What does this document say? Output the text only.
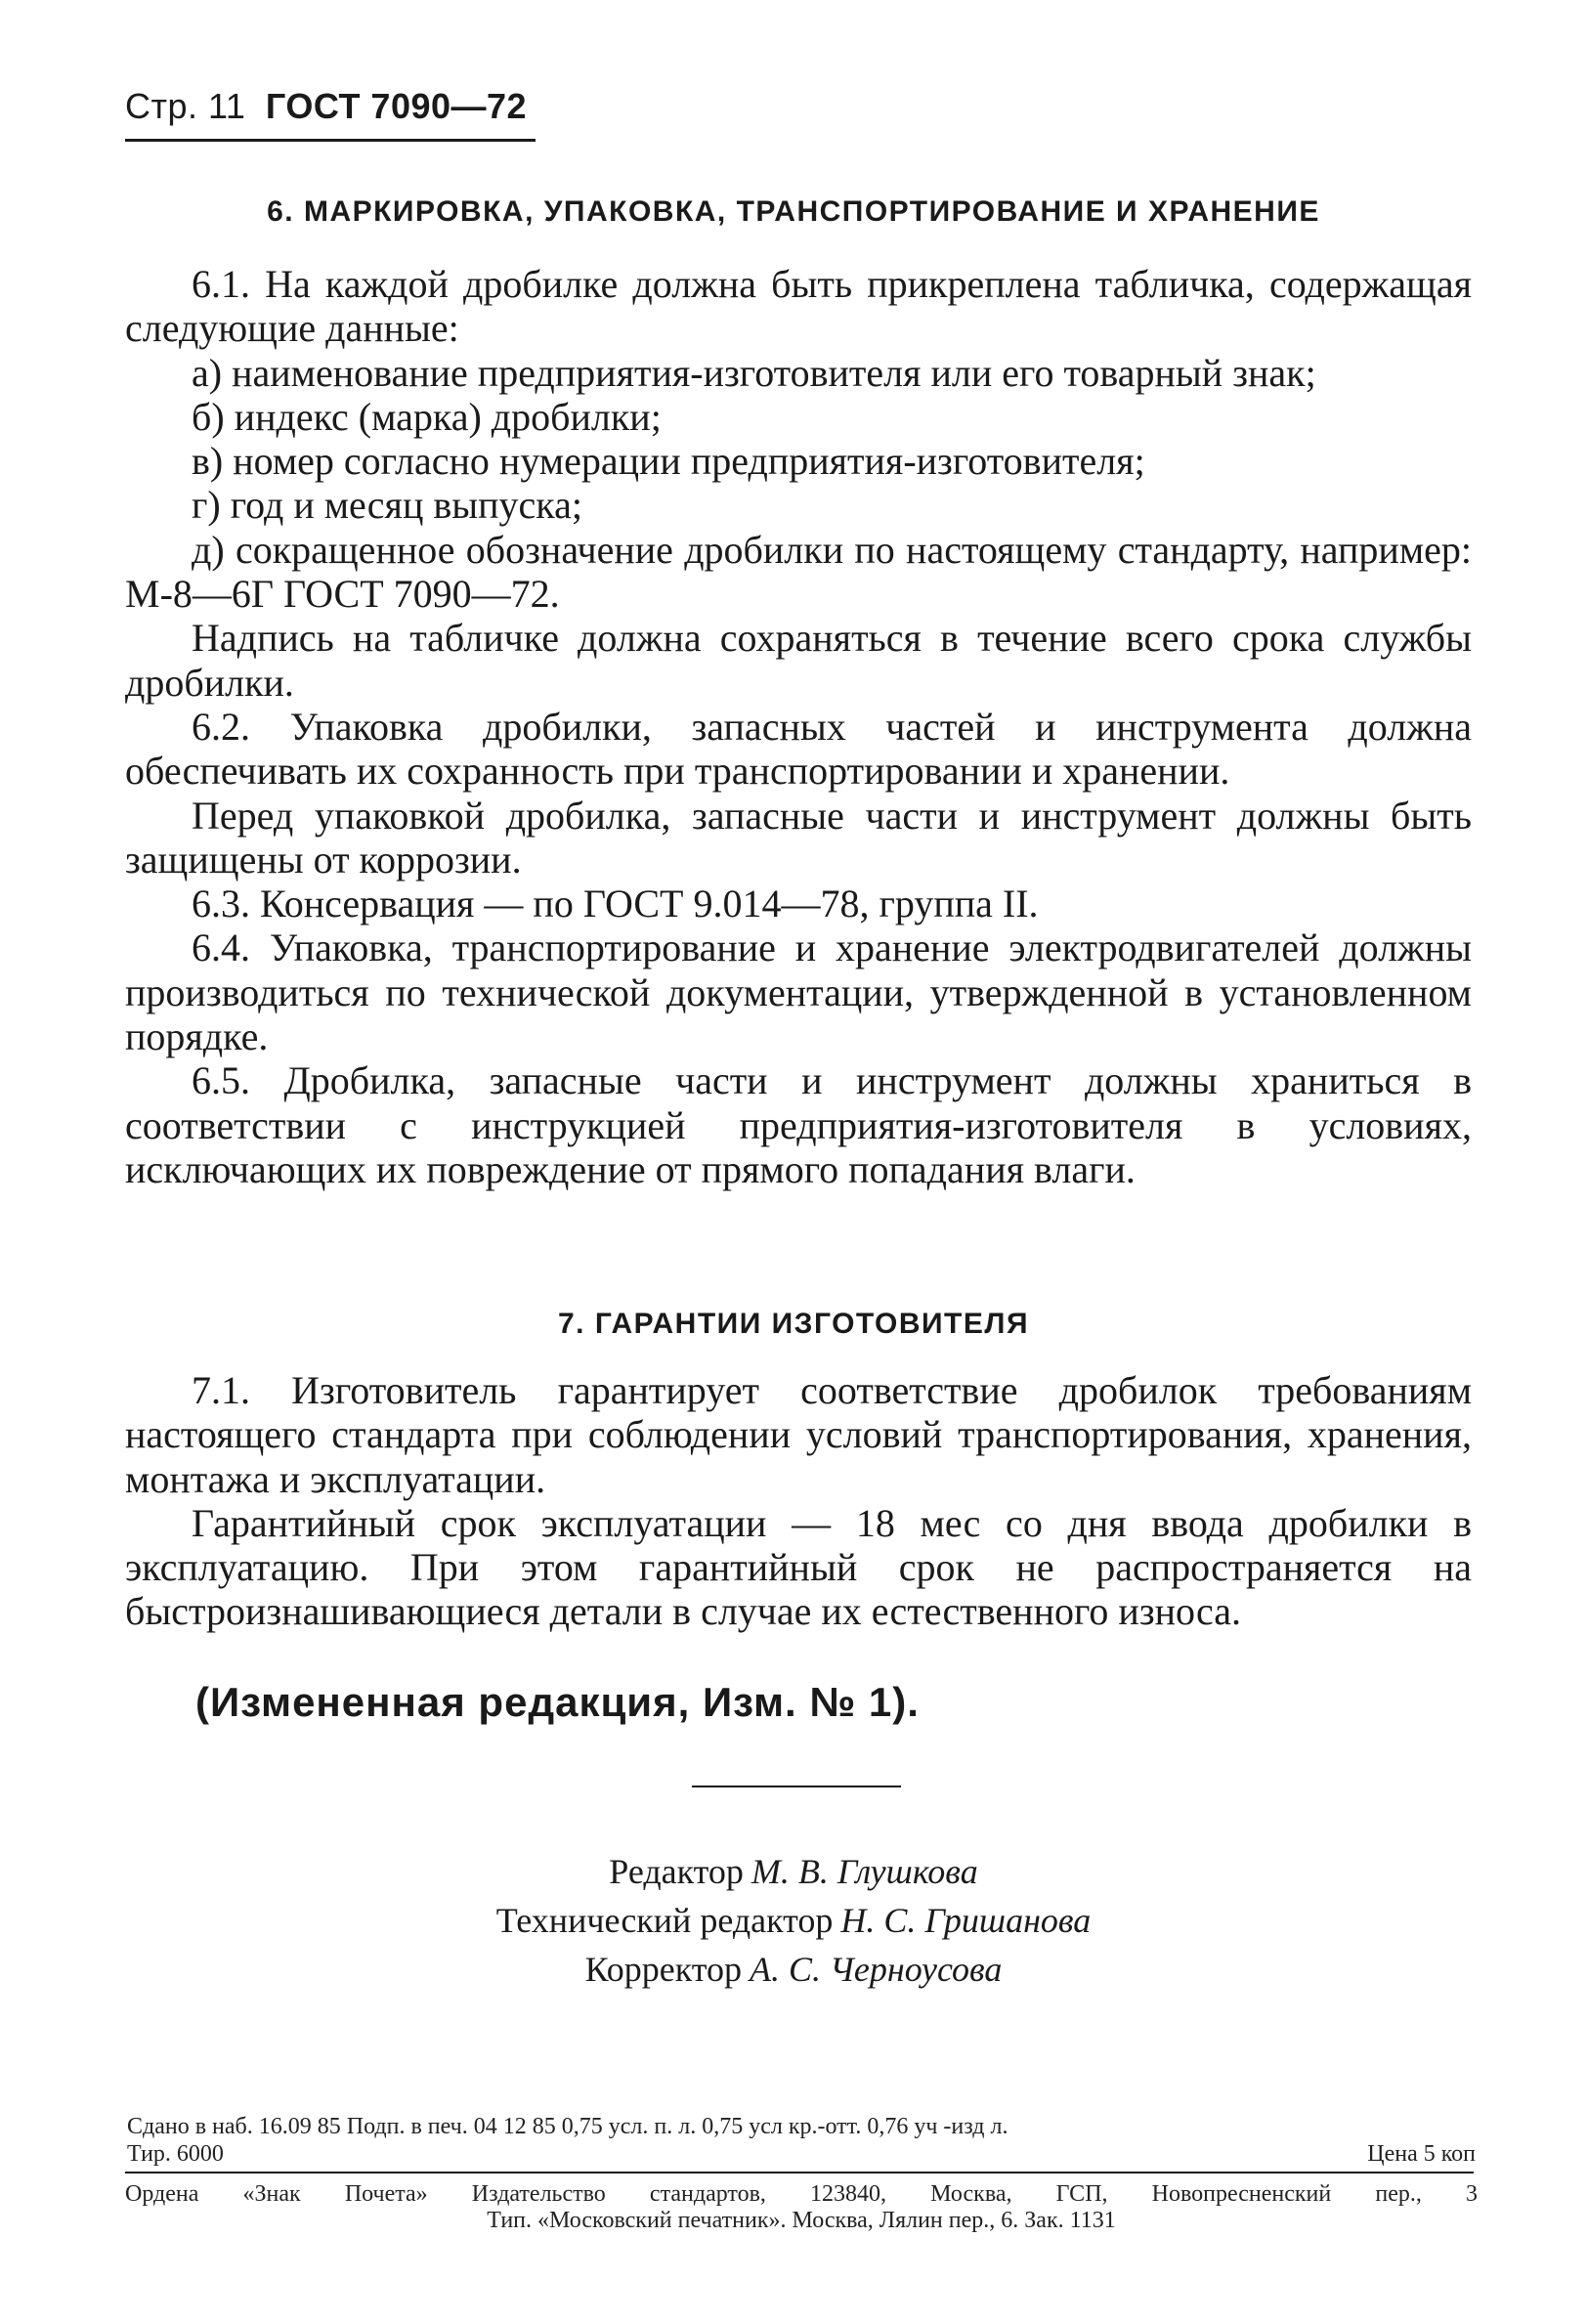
Стр. 11 ГОСТ 7090—72
6. МАРКИРОВКА, УПАКОВКА, ТРАНСПОРТИРОВАНИЕ И ХРАНЕНИЕ

6.1. На каждой дробилке должна быть прикреплена табличка, содержащая следующие данные:

а) наименование предприятия-изготовителя или его товарный знак;

б) индекс (марка) дробилки;

в) номер согласно нумерации предприятия-изготовителя;

г) год и месяц выпуска;

д) сокращенное обозначение дробилки по настоящему стандарту, например: М-8—6Г ГОСТ 7090—72.

Надпись на табличке должна сохраняться в течение всего срока службы дробилки.

6.2. Упаковка дробилки, запасных частей и инструмента должна обеспечивать их сохранность при транспортировании и хранении.

Перед упаковкой дробилка, запасные части и инструмент должны быть защищены от коррозии.

6.3. Консервация — по ГОСТ 9.014—78, группа II.

6.4. Упаковка, транспортирование и хранение электродвигателей должны производиться по технической документации, утвержденной в установленном порядке.

6.5. Дробилка, запасные части и инструмент должны храниться в соответствии с инструкцией предприятия-изготовителя в условиях, исключающих их повреждение от прямого попадания влаги.

7. ГАРАНТИИ ИЗГОТОВИТЕЛЯ

7.1. Изготовитель гарантирует соответствие дробилок требованиям настоящего стандарта при соблюдении условий транспортирования, хранения, монтажа и эксплуатации.

Гарантийный срок эксплуатации — 18 мес со дня ввода дробилки в эксплуатацию. При этом гарантийный срок не распространяется на быстроизнашивающиеся детали в случае их естественного износа.

(Измененная редакция, Изм. № 1).
Редактор М. В. Глушкова
Технический редактор Н. С. Гришанова
Корректор А. С. Черноусова
Сдано в наб. 16.09 85 Подп. в печ. 04 12 85 0,75 усл. п. л. 0,75 усл кр.-отт. 0,76 уч -изд л.
Тир. 6000	Цена 5 коп
Ордена «Знак Почета» Издательство стандартов, 123840, Москва, ГСП, Новопресненский пер., 3
Тип. «Московский печатник». Москва, Лялин пер., 6. Зак. 1131
